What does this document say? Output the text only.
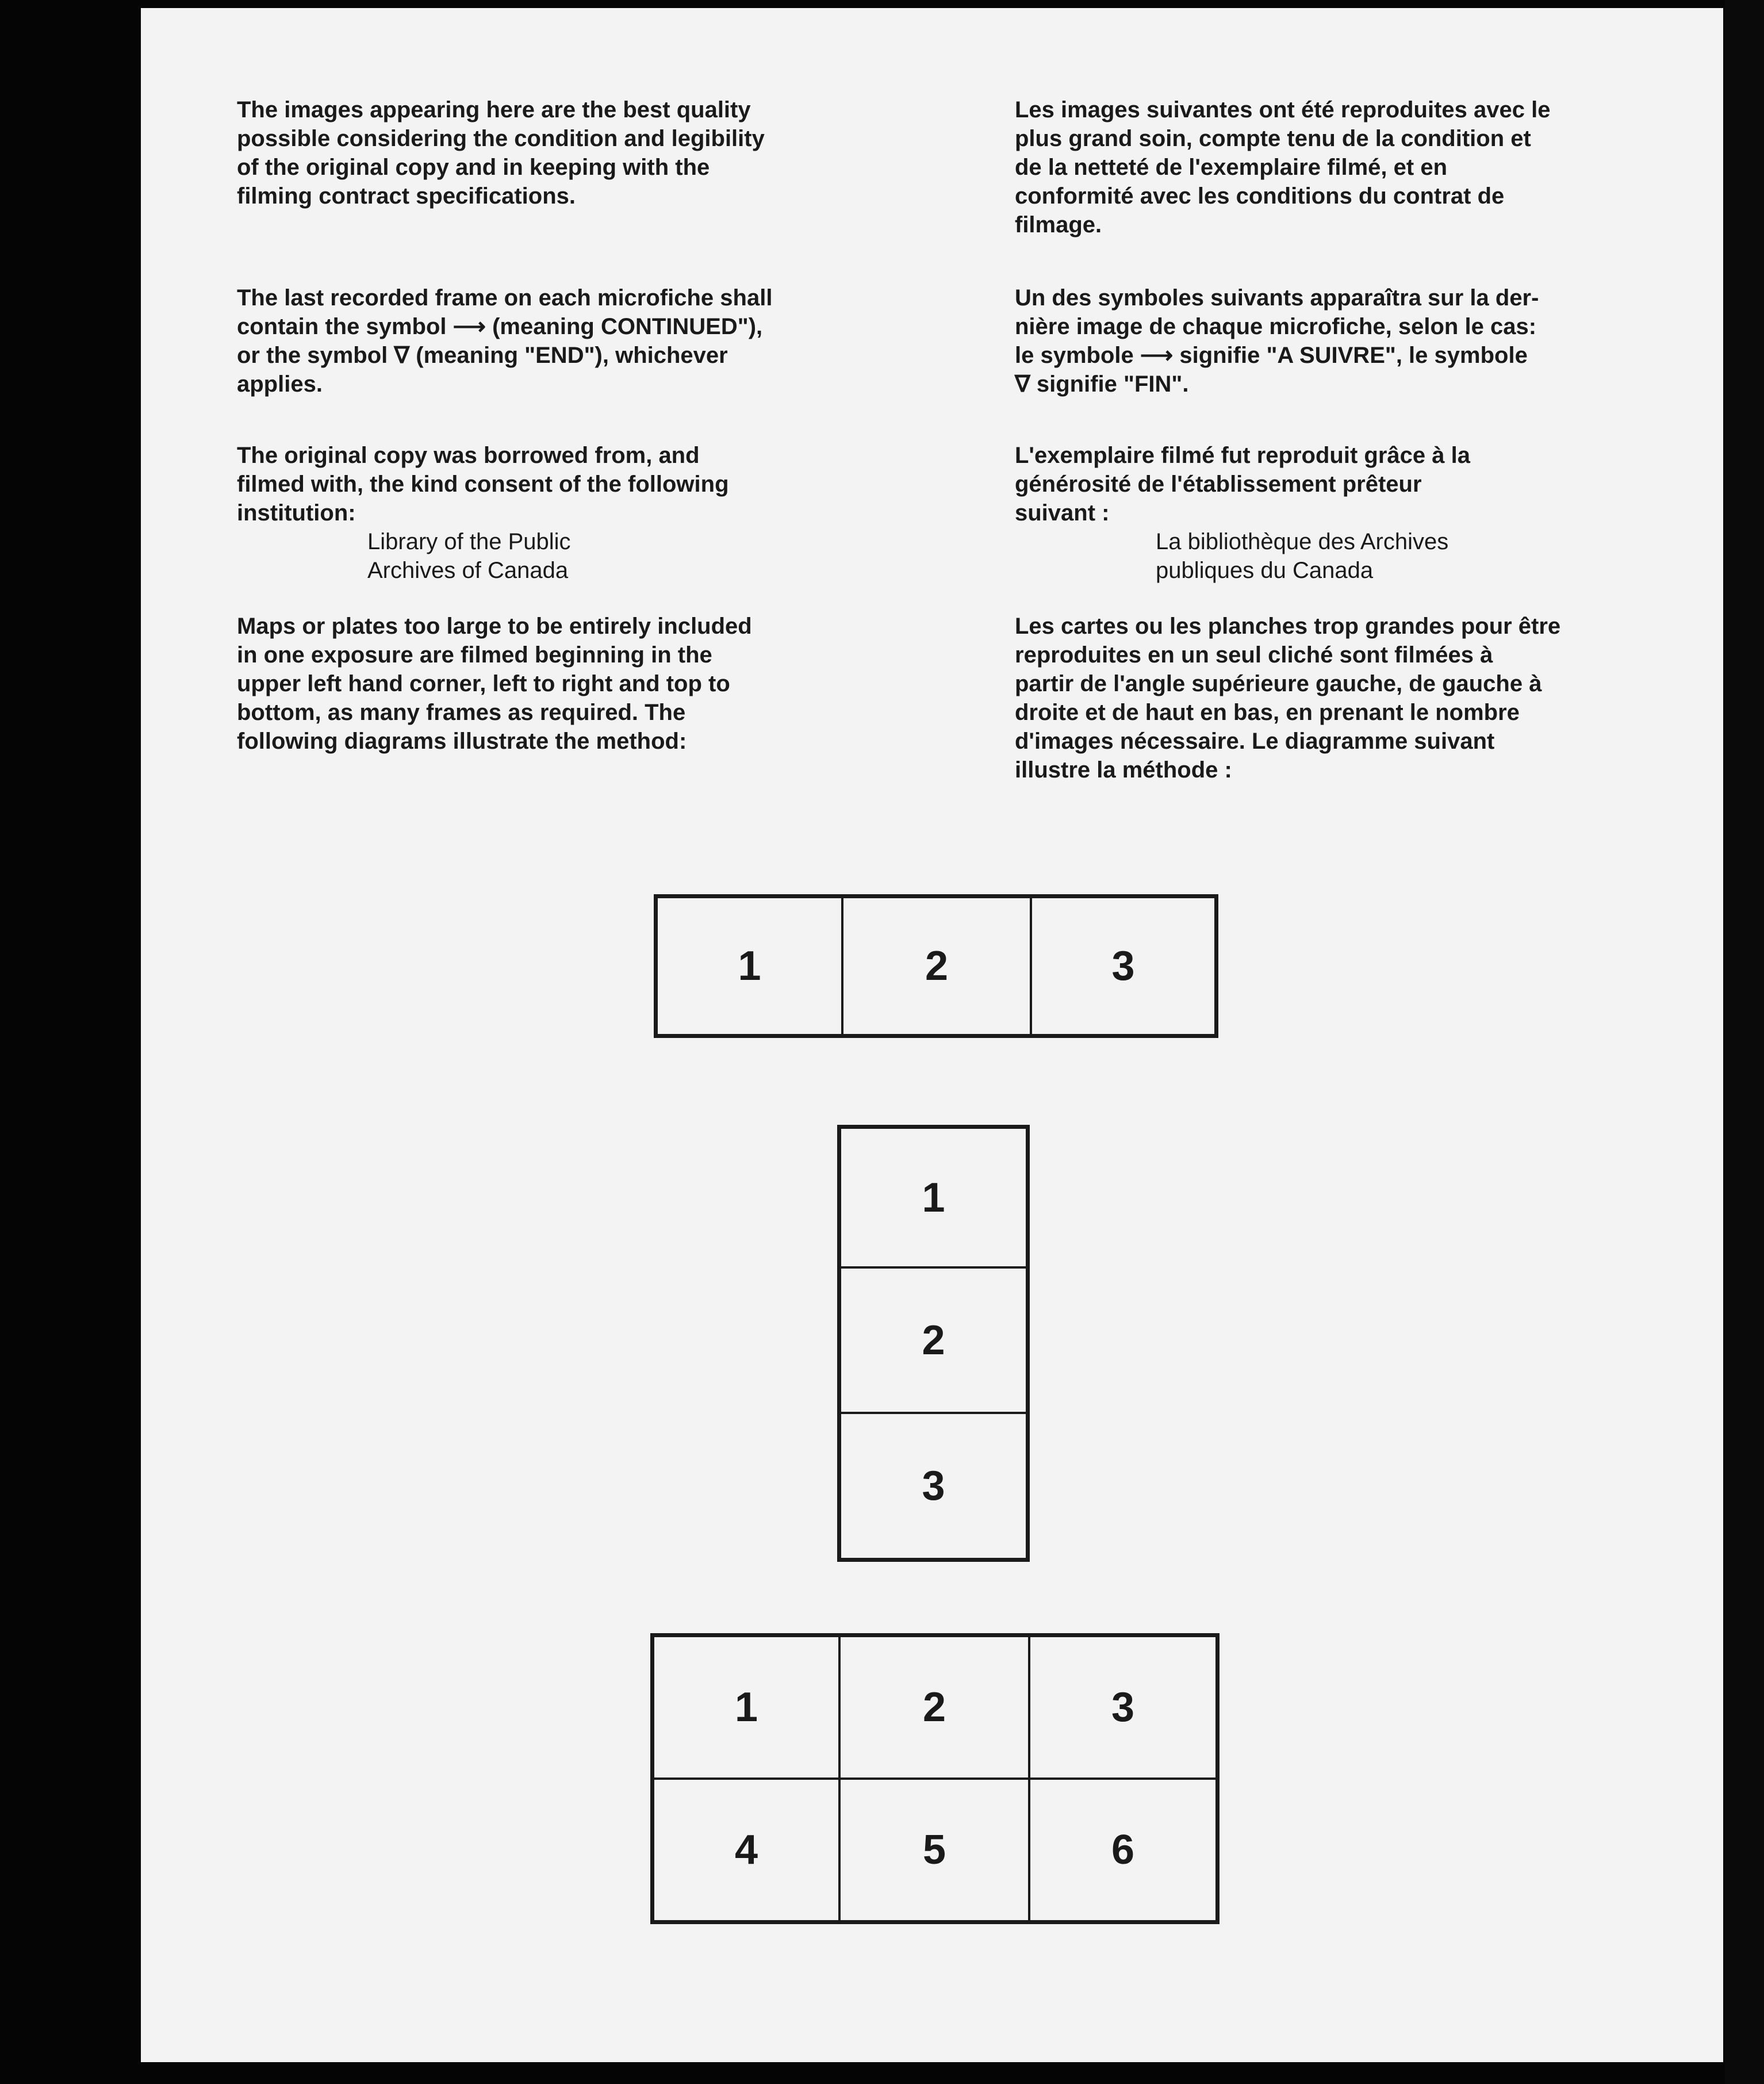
The images appearing here are the best quality
possible considering the condition and legibility
of the original copy and in keeping with the
filming contract specifications.

The last recorded frame on each microfiche shall
contain the symbol ⟶ (meaning CONTINUED"),
or the symbol ∇ (meaning "END"), whichever
applies.

The original copy was borrowed from, and
filmed with, the kind consent of the following
institution:

Library of the Public
Archives of Canada

Maps or plates too large to be entirely included
in one exposure are filmed beginning in the
upper left hand corner, left to right and top to
bottom, as many frames as required. The
following diagrams illustrate the method:

Les images suivantes ont été reproduites avec le
plus grand soin, compte tenu de la condition et
de la netteté de l'exemplaire filmé, et en
conformité avec les conditions du contrat de
filmage.

Un des symboles suivants apparaîtra sur la der-
nière image de chaque microfiche, selon le cas:
le symbole ⟶ signifie "A SUIVRE", le symbole
∇ signifie "FIN".

L'exemplaire filmé fut reproduit grâce à la
générosité de l'établissement prêteur
suivant :

La bibliothèque des Archives
publiques du Canada

Les cartes ou les planches trop grandes pour être
reproduites en un seul cliché sont filmées à
partir de l'angle supérieure gauche, de gauche à
droite et de haut en bas, en prenant le nombre
d'images nécessaire. Le diagramme suivant
illustre la méthode :

1	2	3
1
2
3
1	2	3
4	5	6
